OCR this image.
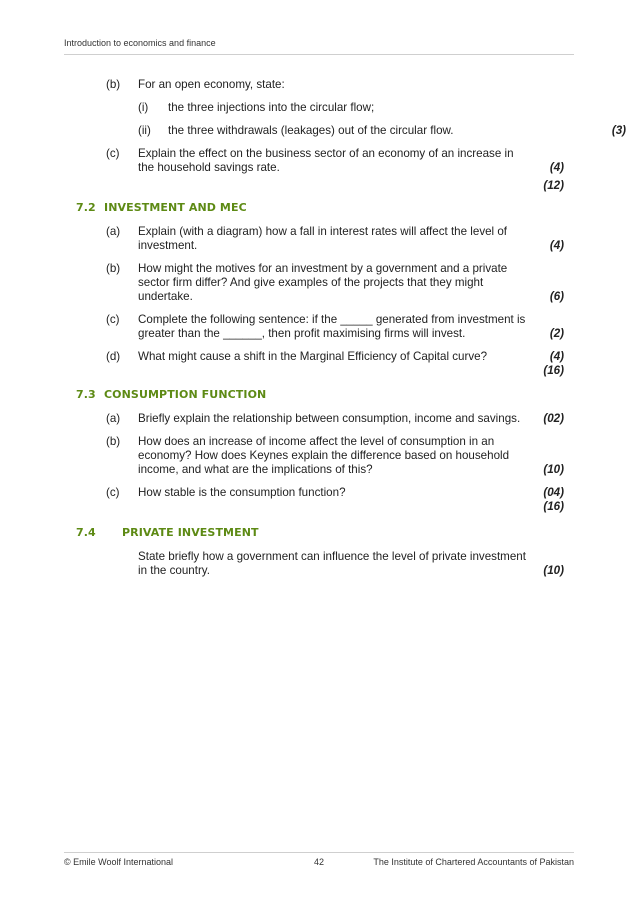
Introduction to economics and finance
(b) For an open economy, state:
(i) the three injections into the circular flow;
(ii) the three withdrawals (leakages) out of the circular flow.	(3)
(c) Explain the effect on the business sector of an economy of an increase in the household savings rate.	(4)
(12)
7.2 INVESTMENT AND MEC
(a) Explain (with a diagram) how a fall in interest rates will affect the level of investment.	(4)
(b) How might the motives for an investment by a government and a private sector firm differ? And give examples of the projects that they might undertake.	(6)
(c) Complete the following sentence: if the _____ generated from investment is greater than the ______, then profit maximising firms will invest.	(2)
(d) What might cause a shift in the Marginal Efficiency of Capital curve?	(4)
(16)
7.3 CONSUMPTION FUNCTION
(a) Briefly explain the relationship between consumption, income and savings.	(02)
(b) How does an increase of income affect the level of consumption in an economy? How does Keynes explain the difference based on household income, and what are the implications of this?	(10)
(c) How stable is the consumption function?	(04)
(16)
7.4 PRIVATE INVESTMENT
State briefly how a government can influence the level of private investment in the country.	(10)
© Emile Woolf International	42	The Institute of Chartered Accountants of Pakistan
